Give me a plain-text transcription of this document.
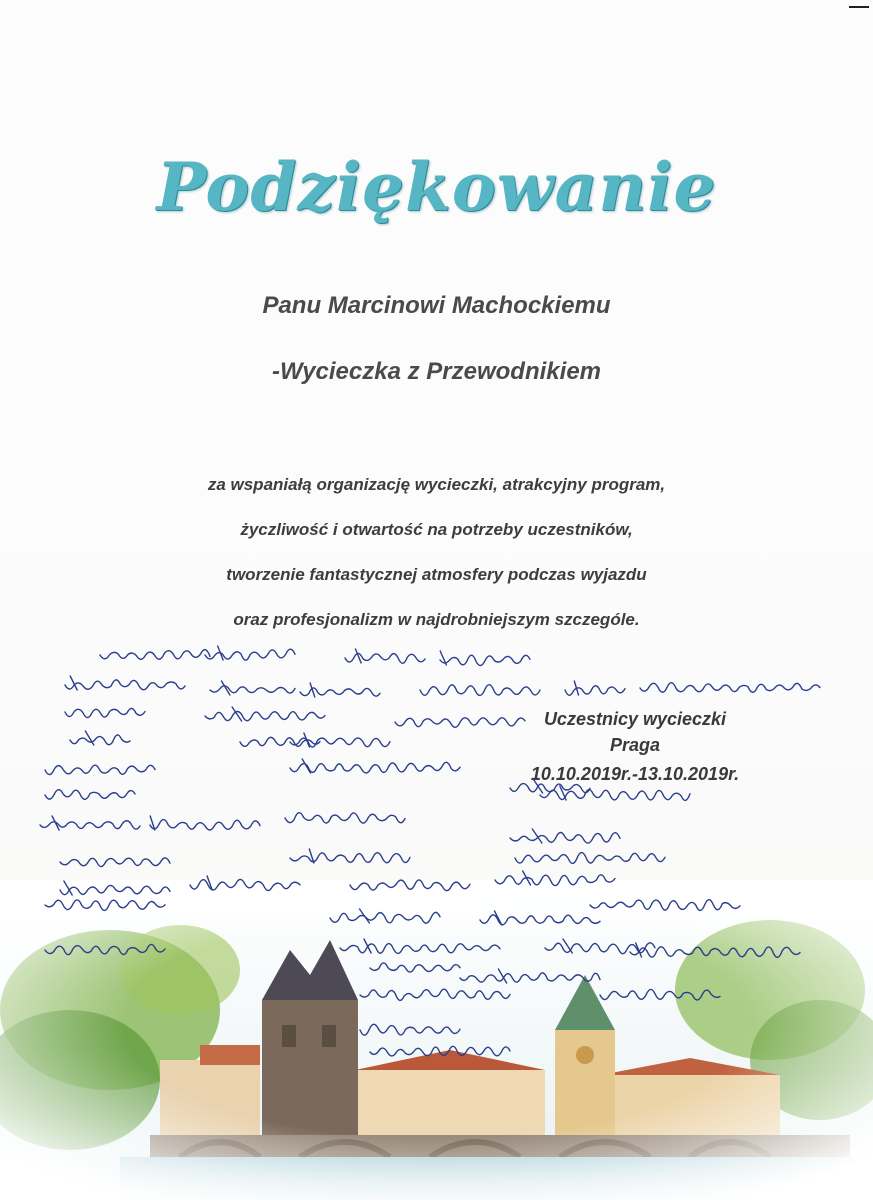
Podziękowanie
Panu Marcinowi Machockiemu
-Wycieczka z Przewodnikiem
za wspaniałą organizację wycieczki, atrakcyjny program,
życzliwość i otwartość na potrzeby uczestników,
tworzenie fantastycznej atmosfery podczas wyjazdu
oraz profesjonalizm w najdrobniejszym szczególe.
Uczestnicy wycieczki
Praga
10.10.2019r.-13.10.2019r.
